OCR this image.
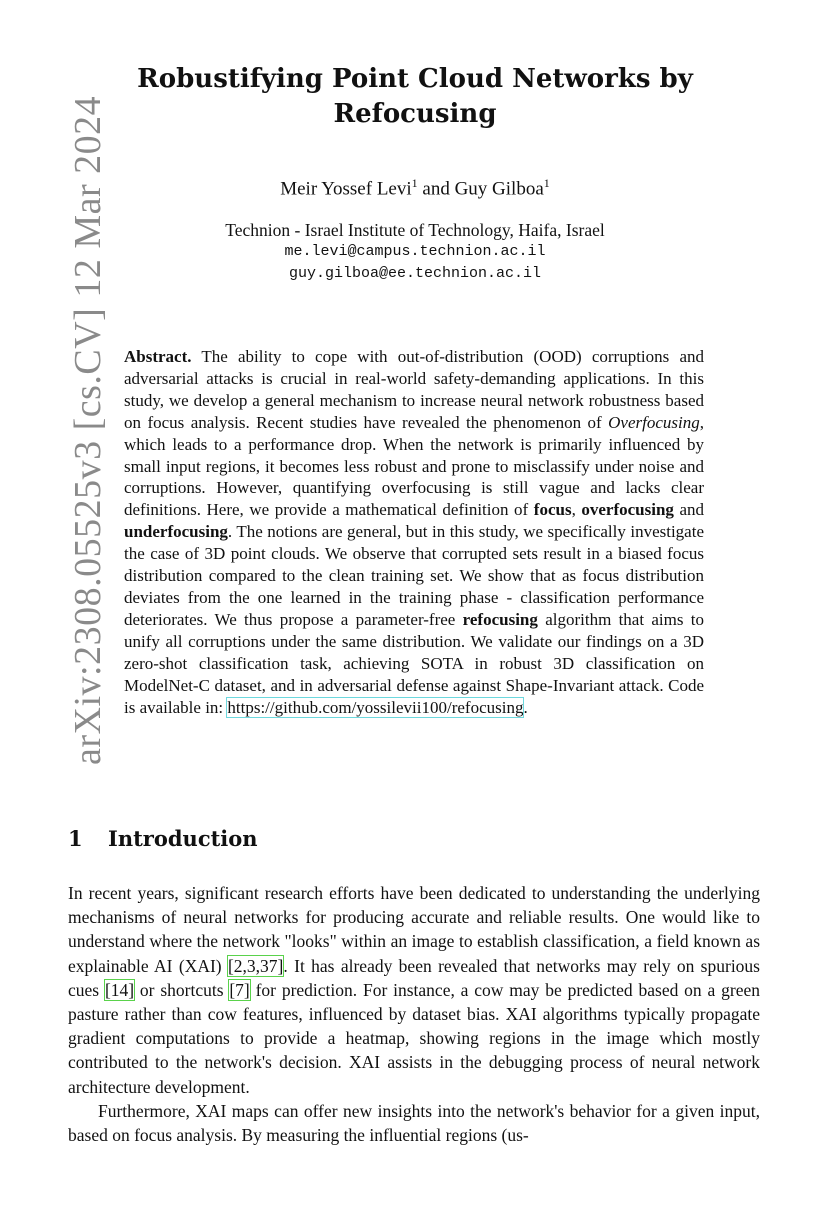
arXiv:2308.05525v3 [cs.CV] 12 Mar 2024
Robustifying Point Cloud Networks by
Refocusing
Meir Yossef Levi$^1$ and Guy Gilboa$^1$
Technion - Israel Institute of Technology, Haifa, Israel
me.levi@campus.technion.ac.il
guy.gilboa@ee.technion.ac.il
Abstract. The ability to cope with out-of-distribution (OOD) corruptions and adversarial attacks is crucial in real-world safety-demanding applications. In this study, we develop a general mechanism to increase neural network robustness based on focus analysis. Recent studies have revealed the phenomenon of Overfocusing, which leads to a performance drop. When the network is primarily influenced by small input regions, it becomes less robust and prone to misclassify under noise and corruptions. However, quantifying overfocusing is still vague and lacks clear definitions. Here, we provide a mathematical definition of focus, overfocusing and underfocusing. The notions are general, but in this study, we specifically investigate the case of 3D point clouds. We observe that corrupted sets result in a biased focus distribution compared to the clean training set. We show that as focus distribution deviates from the one learned in the training phase - classification performance deteriorates. We thus propose a parameter-free refocusing algorithm that aims to unify all corruptions under the same distribution. We validate our findings on a 3D zero-shot classification task, achieving SOTA in robust 3D classification on ModelNet-C dataset, and in adversarial defense against Shape-Invariant attack. Code is available in: https://github.com/yossilevii100/refocusing.
1 Introduction

In recent years, significant research efforts have been dedicated to understanding the underlying mechanisms of neural networks for producing accurate and reliable results. One would like to understand where the network "looks" within an image to establish classification, a field known as explainable AI (XAI) [2,3,37]. It has already been revealed that networks may rely on spurious cues [14] or shortcuts [7] for prediction. For instance, a cow may be predicted based on a green pasture rather than cow features, influenced by dataset bias. XAI algorithms typically propagate gradient computations to provide a heatmap, showing regions in the image which mostly contributed to the network's decision. XAI assists in the debugging process of neural network architecture development.

Furthermore, XAI maps can offer new insights into the network's behavior for a given input, based on focus analysis. By measuring the influential regions (us-
